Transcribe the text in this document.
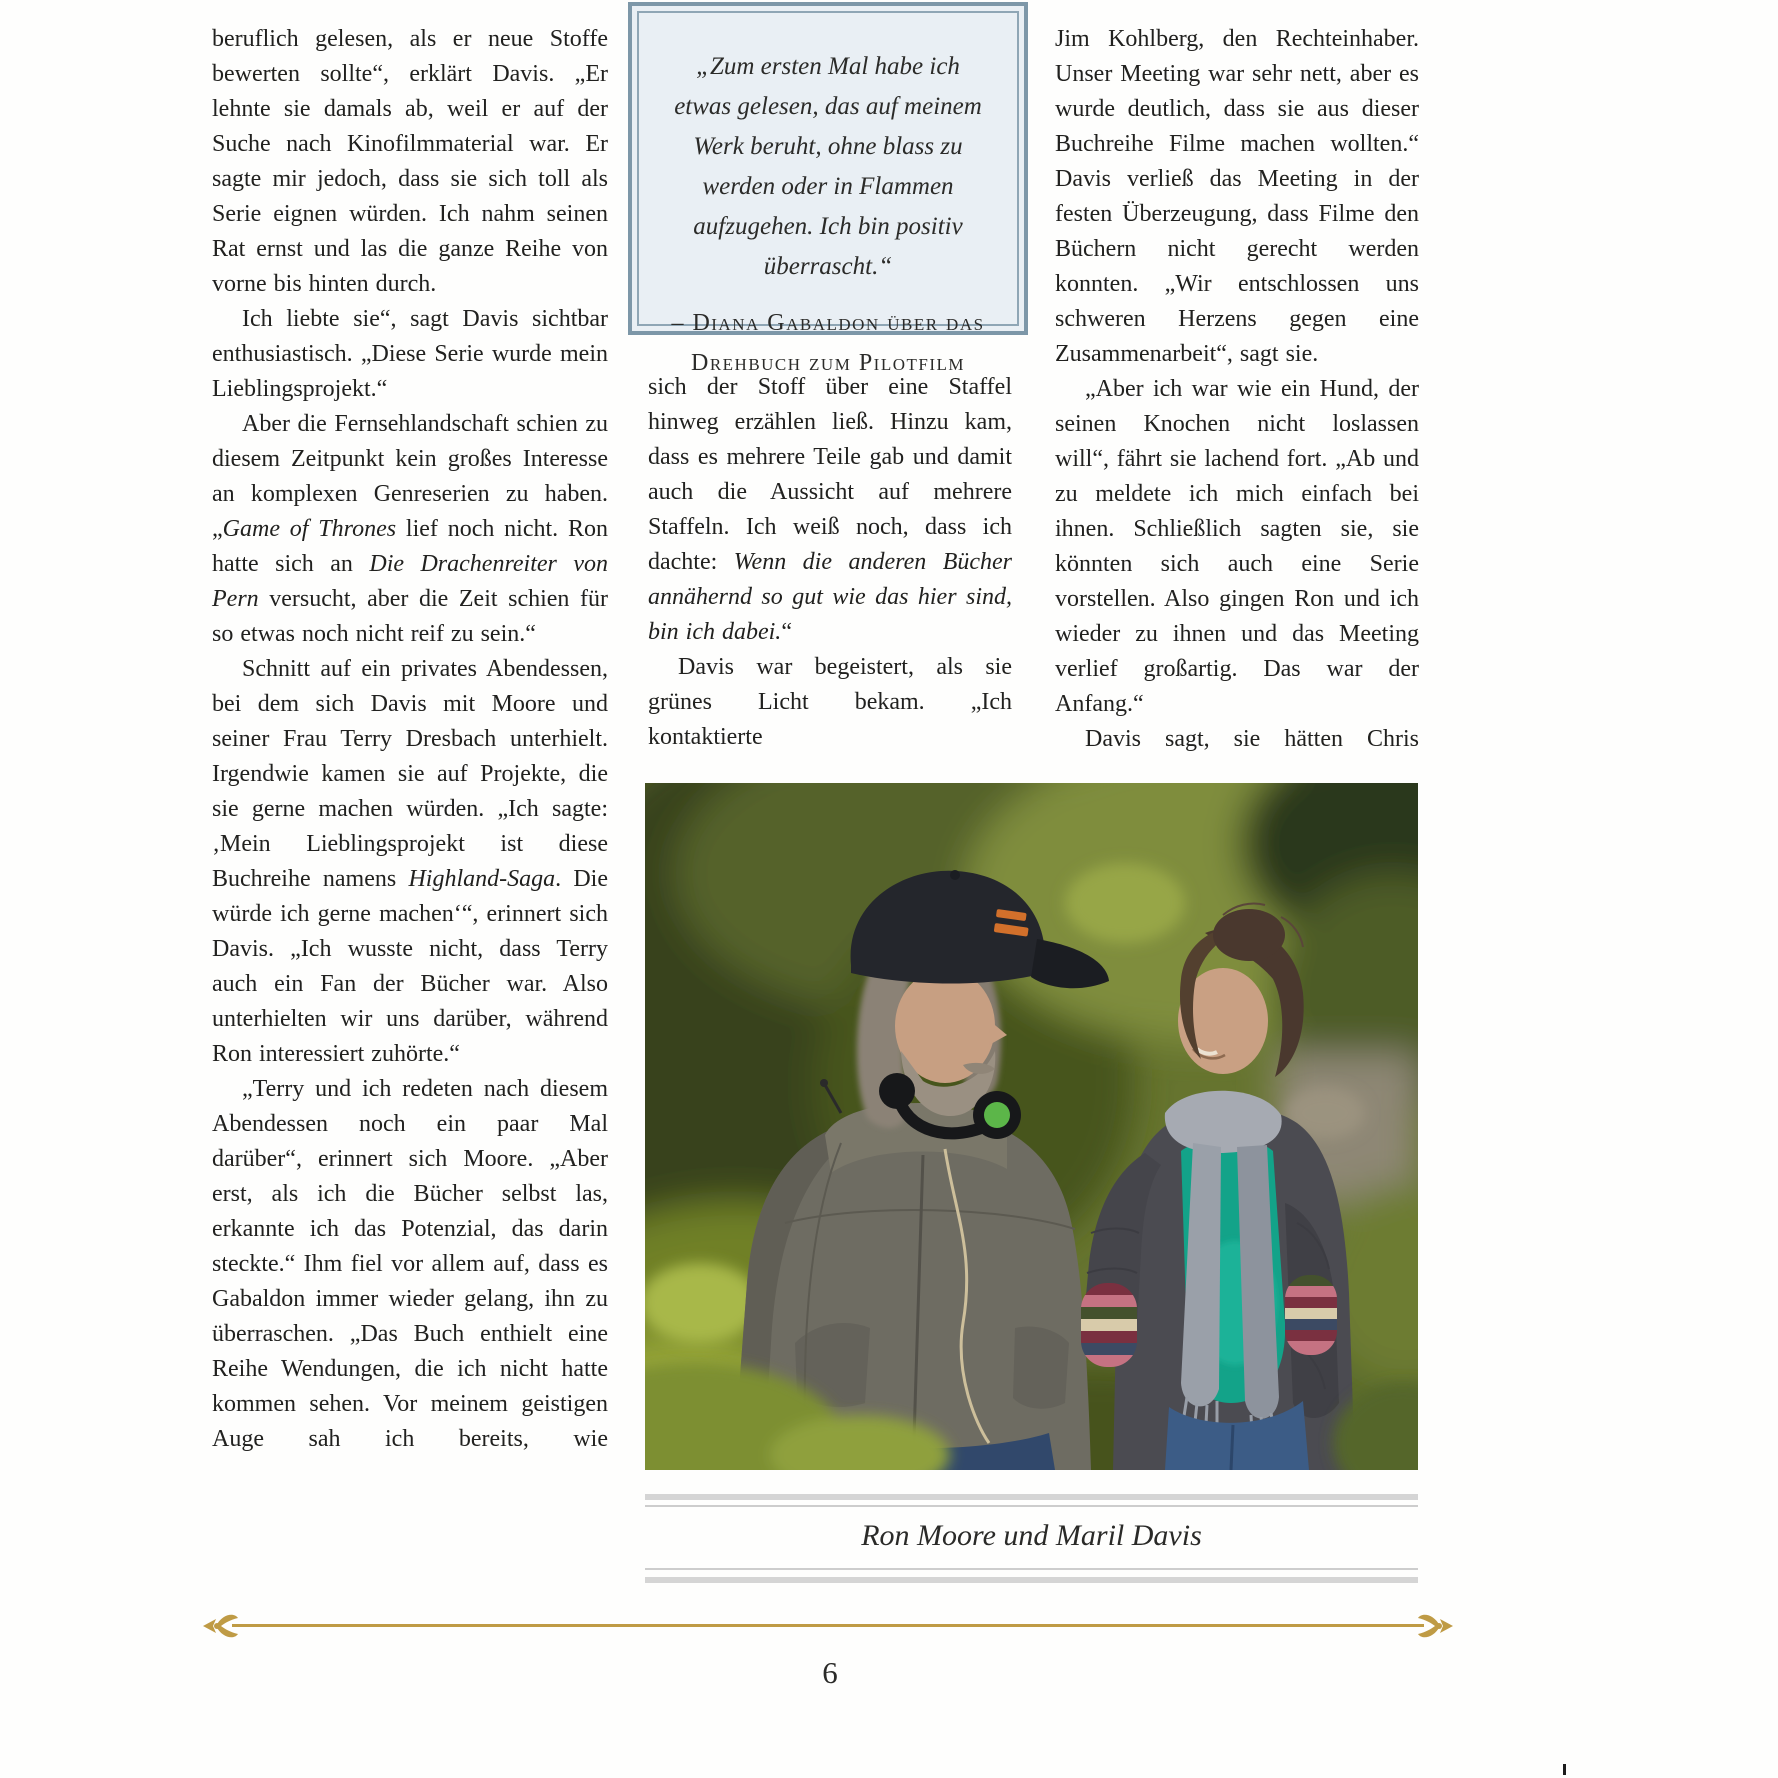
„Zum ersten Mal habe ich etwas gelesen, das auf meinem Werk beruht, ohne blass zu werden oder in Flammen aufzugehen. Ich bin positiv überrascht.“

– Diana Gabaldon über das Drehbuch zum Pilotfilm

beruflich gelesen, als er neue Stoffe bewerten sollte“, erklärt Davis. „Er lehnte sie damals ab, weil er auf der Suche nach Kinofilmmaterial war. Er sagte mir jedoch, dass sie sich toll als Serie eignen würden. Ich nahm seinen Rat ernst und las die ganze Reihe von vorne bis hinten durch.

Ich liebte sie“, sagt Davis sichtbar enthusiastisch. „Diese Serie wurde mein Lieblingsprojekt.“

Aber die Fernsehlandschaft schien zu diesem Zeitpunkt kein großes Interesse an komplexen Genreserien zu haben. „Game of Thrones lief noch nicht. Ron hatte sich an Die Drachenreiter von Pern versucht, aber die Zeit schien für so etwas noch nicht reif zu sein.“

Schnitt auf ein privates Abendessen, bei dem sich Davis mit Moore und seiner Frau Terry Dresbach unterhielt. Irgendwie kamen sie auf Projekte, die sie gerne machen würden. „Ich sagte: ‚Mein Lieblingsprojekt ist diese Buchreihe namens Highland-Saga. Die würde ich gerne machen‘“, erinnert sich Davis. „Ich wusste nicht, dass Terry auch ein Fan der Bücher war. Also unterhielten wir uns darüber, während Ron interessiert zuhörte.“

„Terry und ich redeten nach diesem Abendessen noch ein paar Mal darüber“, erinnert sich Moore. „Aber erst, als ich die Bücher selbst las, erkannte ich das Potenzial, das darin steckte.“ Ihm fiel vor allem auf, dass es Gabaldon immer wieder gelang, ihn zu überraschen. „Das Buch enthielt eine Reihe Wendungen, die ich nicht hatte kommen sehen. Vor meinem geistigen Auge sah ich bereits, wie

sich der Stoff über eine Staffel hinweg erzählen ließ. Hinzu kam, dass es mehrere Teile gab und damit auch die Aussicht auf mehrere Staffeln. Ich weiß noch, dass ich dachte: Wenn die anderen Bücher annähernd so gut wie das hier sind, bin ich dabei.“

Davis war begeistert, als sie grünes Licht bekam. „Ich kontaktierte

Jim Kohlberg, den Rechteinhaber. Unser Meeting war sehr nett, aber es wurde deutlich, dass sie aus dieser Buchreihe Filme machen wollten.“ Davis verließ das Meeting in der festen Überzeugung, dass Filme den Büchern nicht gerecht werden konnten. „Wir entschlossen uns schweren Herzens gegen eine Zusammenarbeit“, sagt sie.

„Aber ich war wie ein Hund, der seinen Knochen nicht loslassen will“, fährt sie lachend fort. „Ab und zu meldete ich mich einfach bei ihnen. Schließlich sagten sie, sie könnten sich auch eine Serie vorstellen. Also gingen Ron und ich wieder zu ihnen und das Meeting verlief großartig. Das war der Anfang.“

Davis sagt, sie hätten Chris

Ron Moore und Maril Davis

6
